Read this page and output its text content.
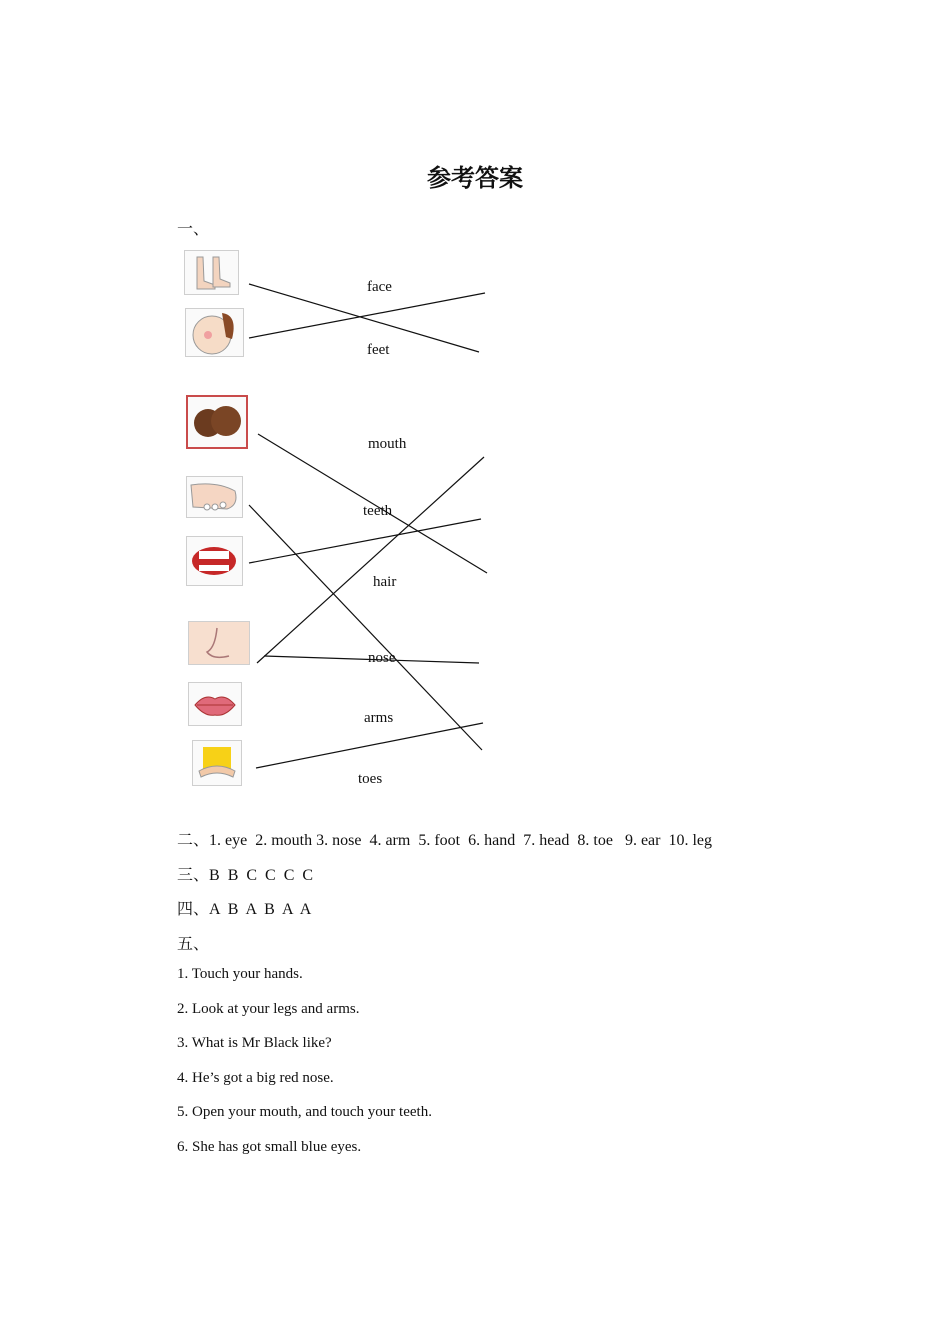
参考答案
一、
face
feet
mouth
teeth
hair
nose
arms
toes
二、1. eye  2. mouth 3. nose  4. arm  5. foot  6. hand  7. head  8. toe   9. ear  10. leg
三、B  B  C  C  C  C
四、A  B  A  B  A  A
五、
1. Touch your hands.
2. Look at your legs and arms.
3. What is Mr Black like?
4. He’s got a big red nose.
5. Open your mouth, and touch your teeth.
6. She has got small blue eyes.
